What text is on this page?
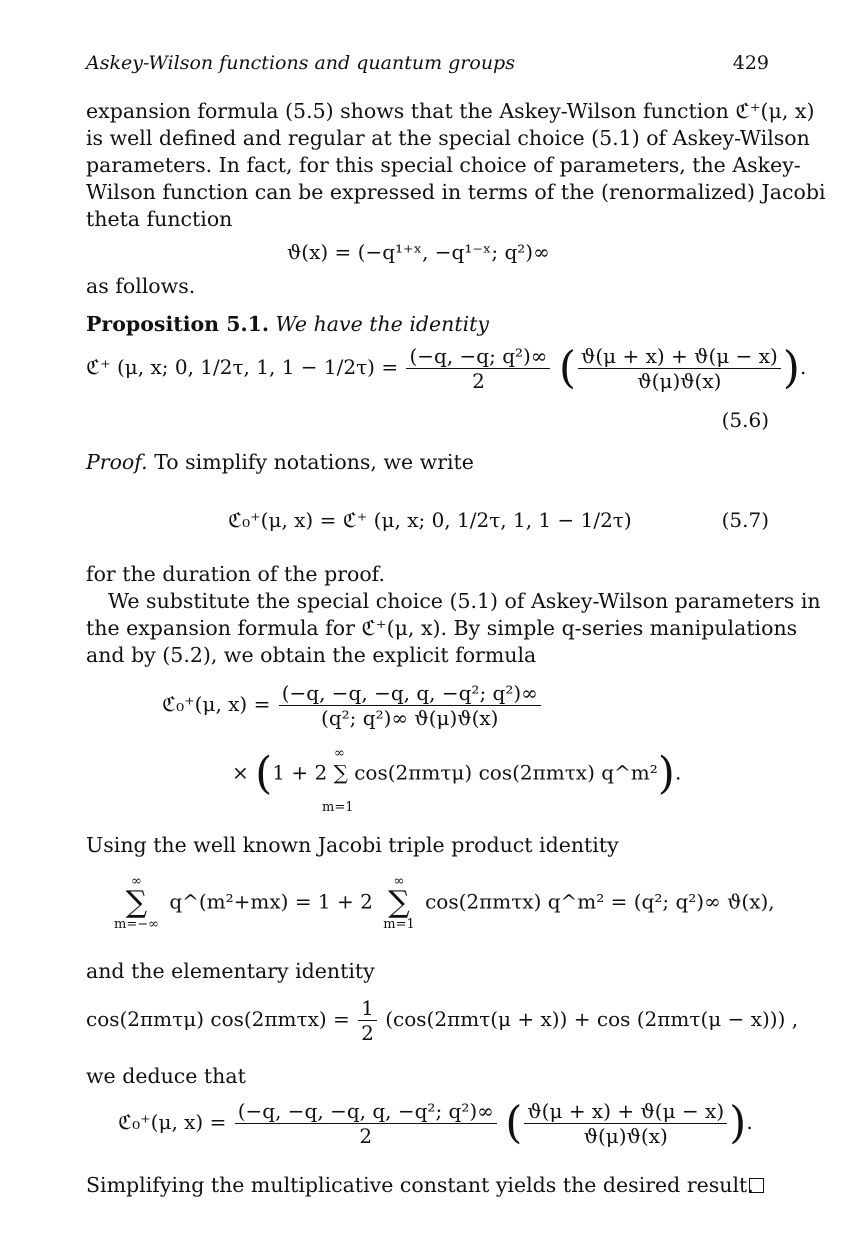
Askey-Wilson functions and quantum groups	429
expansion formula (5.5) shows that the Askey-Wilson function ℭ⁺(μ, x)
is well defined and regular at the special choice (5.1) of Askey-Wilson
parameters. In fact, for this special choice of parameters, the Askey-
Wilson function can be expressed in terms of the (renormalized) Jacobi
theta function
ϑ(x) = (−q¹⁺ˣ, −q¹⁻ˣ; q²)∞
as follows.
Proposition 5.1. We have the identity
ℭ⁺ (μ, x; 0, 1/2τ, 1, $1 - 1/2\tau) = \frac{\text{(−q, −q; q²)∞}}{2}$ ( $\frac{ϑ(\mu + x) + ϑ(\mu - x)}{ϑ(\mu)ϑ(x)}$ ).
(5.6)
Proof. To simplify notations, we write
ℭ₀⁺(μ, x) = ℭ⁺ (μ, x; 0, 1/2τ, 1, 1 − 1/2τ)	(5.7)
for the duration of the proof.
We substitute the special choice (5.1) of Askey-Wilson parameters in
the expansion formula for ℭ⁺(μ, x). By simple q-series manipulations
and by (5.2), we obtain the explicit formula
ℭ₀⁺(μ, $x) = \frac{\text{(−q, −q, −q, q, −q²; q²)∞}}{\text{(q²; q²)∞ ϑ(μ)ϑ(x)}}$
× (1 + 2 ∑ cos(2πmτμ) cos(2πmτx) q^m²).
∞
m=1
Using the well known Jacobi triple product identity
∞
∑
m=−∞
q^(m²+mx) = 1 + 2
∞
∑
m=1
cos(2πmτx) q^m² = (q²; q²)∞ ϑ(x),
and the elementary identity
cos(2πmτμ) $\cos(2\pi m\tau x) = \frac{1}{2} (\cos(2\pi m\tau(\mu + x)) + \cos (2\pi m\tau(\mu - x)))$ ,
we deduce that
ℭ₀⁺(μ, $x) = \frac{\text{(−q, −q, −q, q, −q²; q²)∞}}{2}$ ( $\frac{ϑ(\mu + x) + ϑ(\mu - x)}{ϑ(\mu)ϑ(x)}$ ).
Simplifying the multiplicative constant yields the desired result.
